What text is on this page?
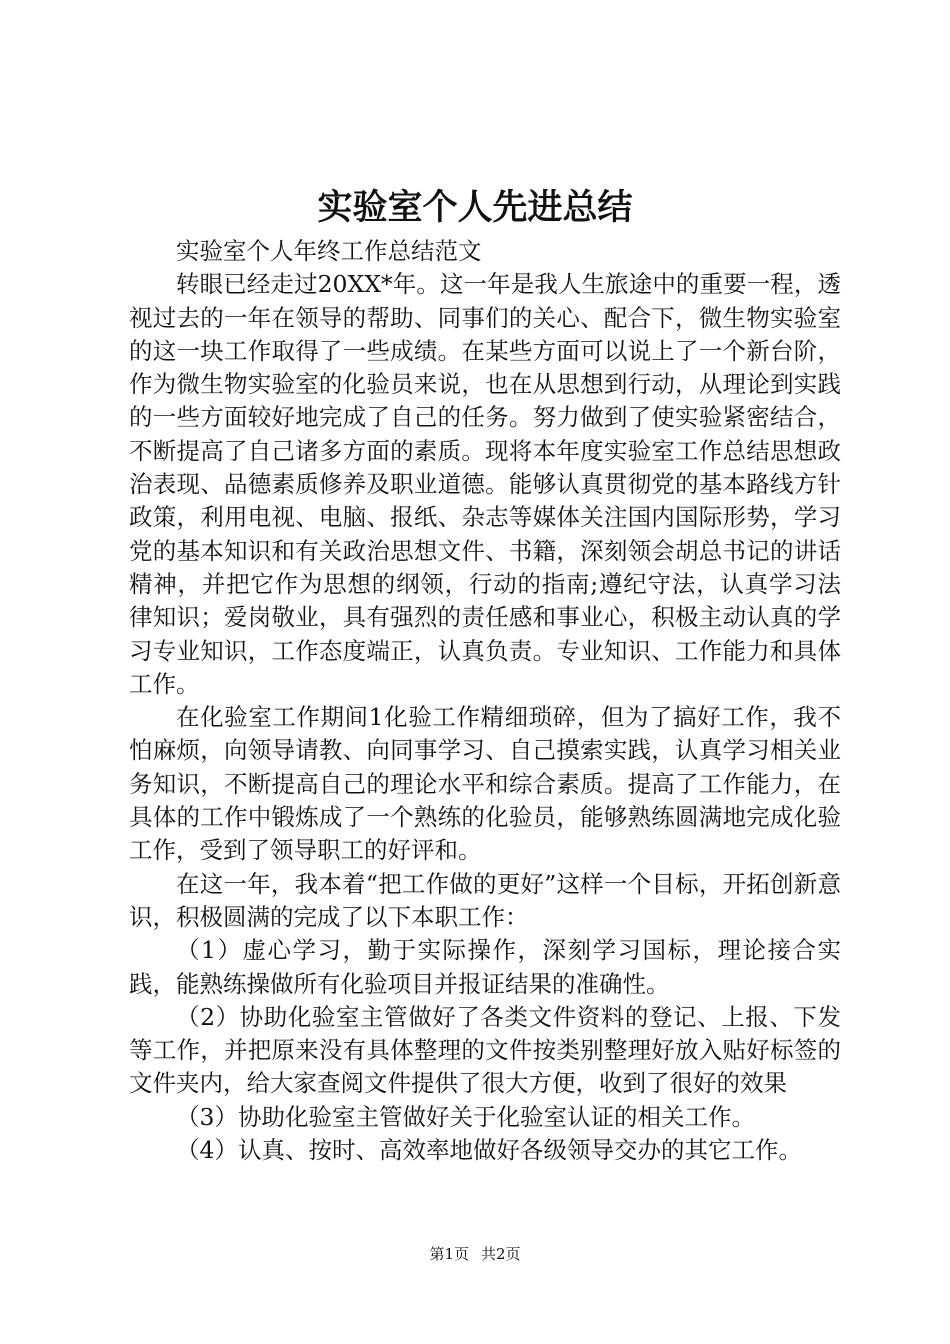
实验室个人先进总结

实验室个人年终工作总结范文

转眼已经走过20XX*年。这一年是我人生旅途中的重要一程，透视过去的一年在领导的帮助、同事们的关心、配合下，微生物实验室的这一块工作取得了一些成绩。在某些方面可以说上了一个新台阶，作为微生物实验室的化验员来说，也在从思想到行动，从理论到实践的一些方面较好地完成了自己的任务。努力做到了使实验紧密结合，不断提高了自己诸多方面的素质。现将本年度实验室工作总结思想政治表现、品德素质修养及职业道德。能够认真贯彻党的基本路线方针政策，利用电视、电脑、报纸、杂志等媒体关注国内国际形势，学习党的基本知识和有关政治思想文件、书籍，深刻领会胡总书记的讲话精神，并把它作为思想的纲领，行动的指南;遵纪守法，认真学习法律知识；爱岗敬业，具有强烈的责任感和事业心，积极主动认真的学习专业知识，工作态度端正，认真负责。专业知识、工作能力和具体工作。

在化验室工作期间1化验工作精细琐碎，但为了搞好工作，我不怕麻烦，向领导请教、向同事学习、自己摸索实践，认真学习相关业务知识，不断提高自己的理论水平和综合素质。提高了工作能力，在具体的工作中锻炼成了一个熟练的化验员，能够熟练圆满地完成化验工作，受到了领导职工的好评和。

在这一年，我本着“把工作做的更好”这样一个目标，开拓创新意识，积极圆满的完成了以下本职工作：

（1）虚心学习，勤于实际操作，深刻学习国标，理论接合实践，能熟练操做所有化验项目并报证结果的准确性。

（2）协助化验室主管做好了各类文件资料的登记、上报、下发等工作，并把原来没有具体整理的文件按类别整理好放入贴好标签的文件夹内，给大家查阅文件提供了很大方便，收到了很好的效果

（3）协助化验室主管做好关于化验室认证的相关工作。

（4）认真、按时、高效率地做好各级领导交办的其它工作。

第1页 共2页
